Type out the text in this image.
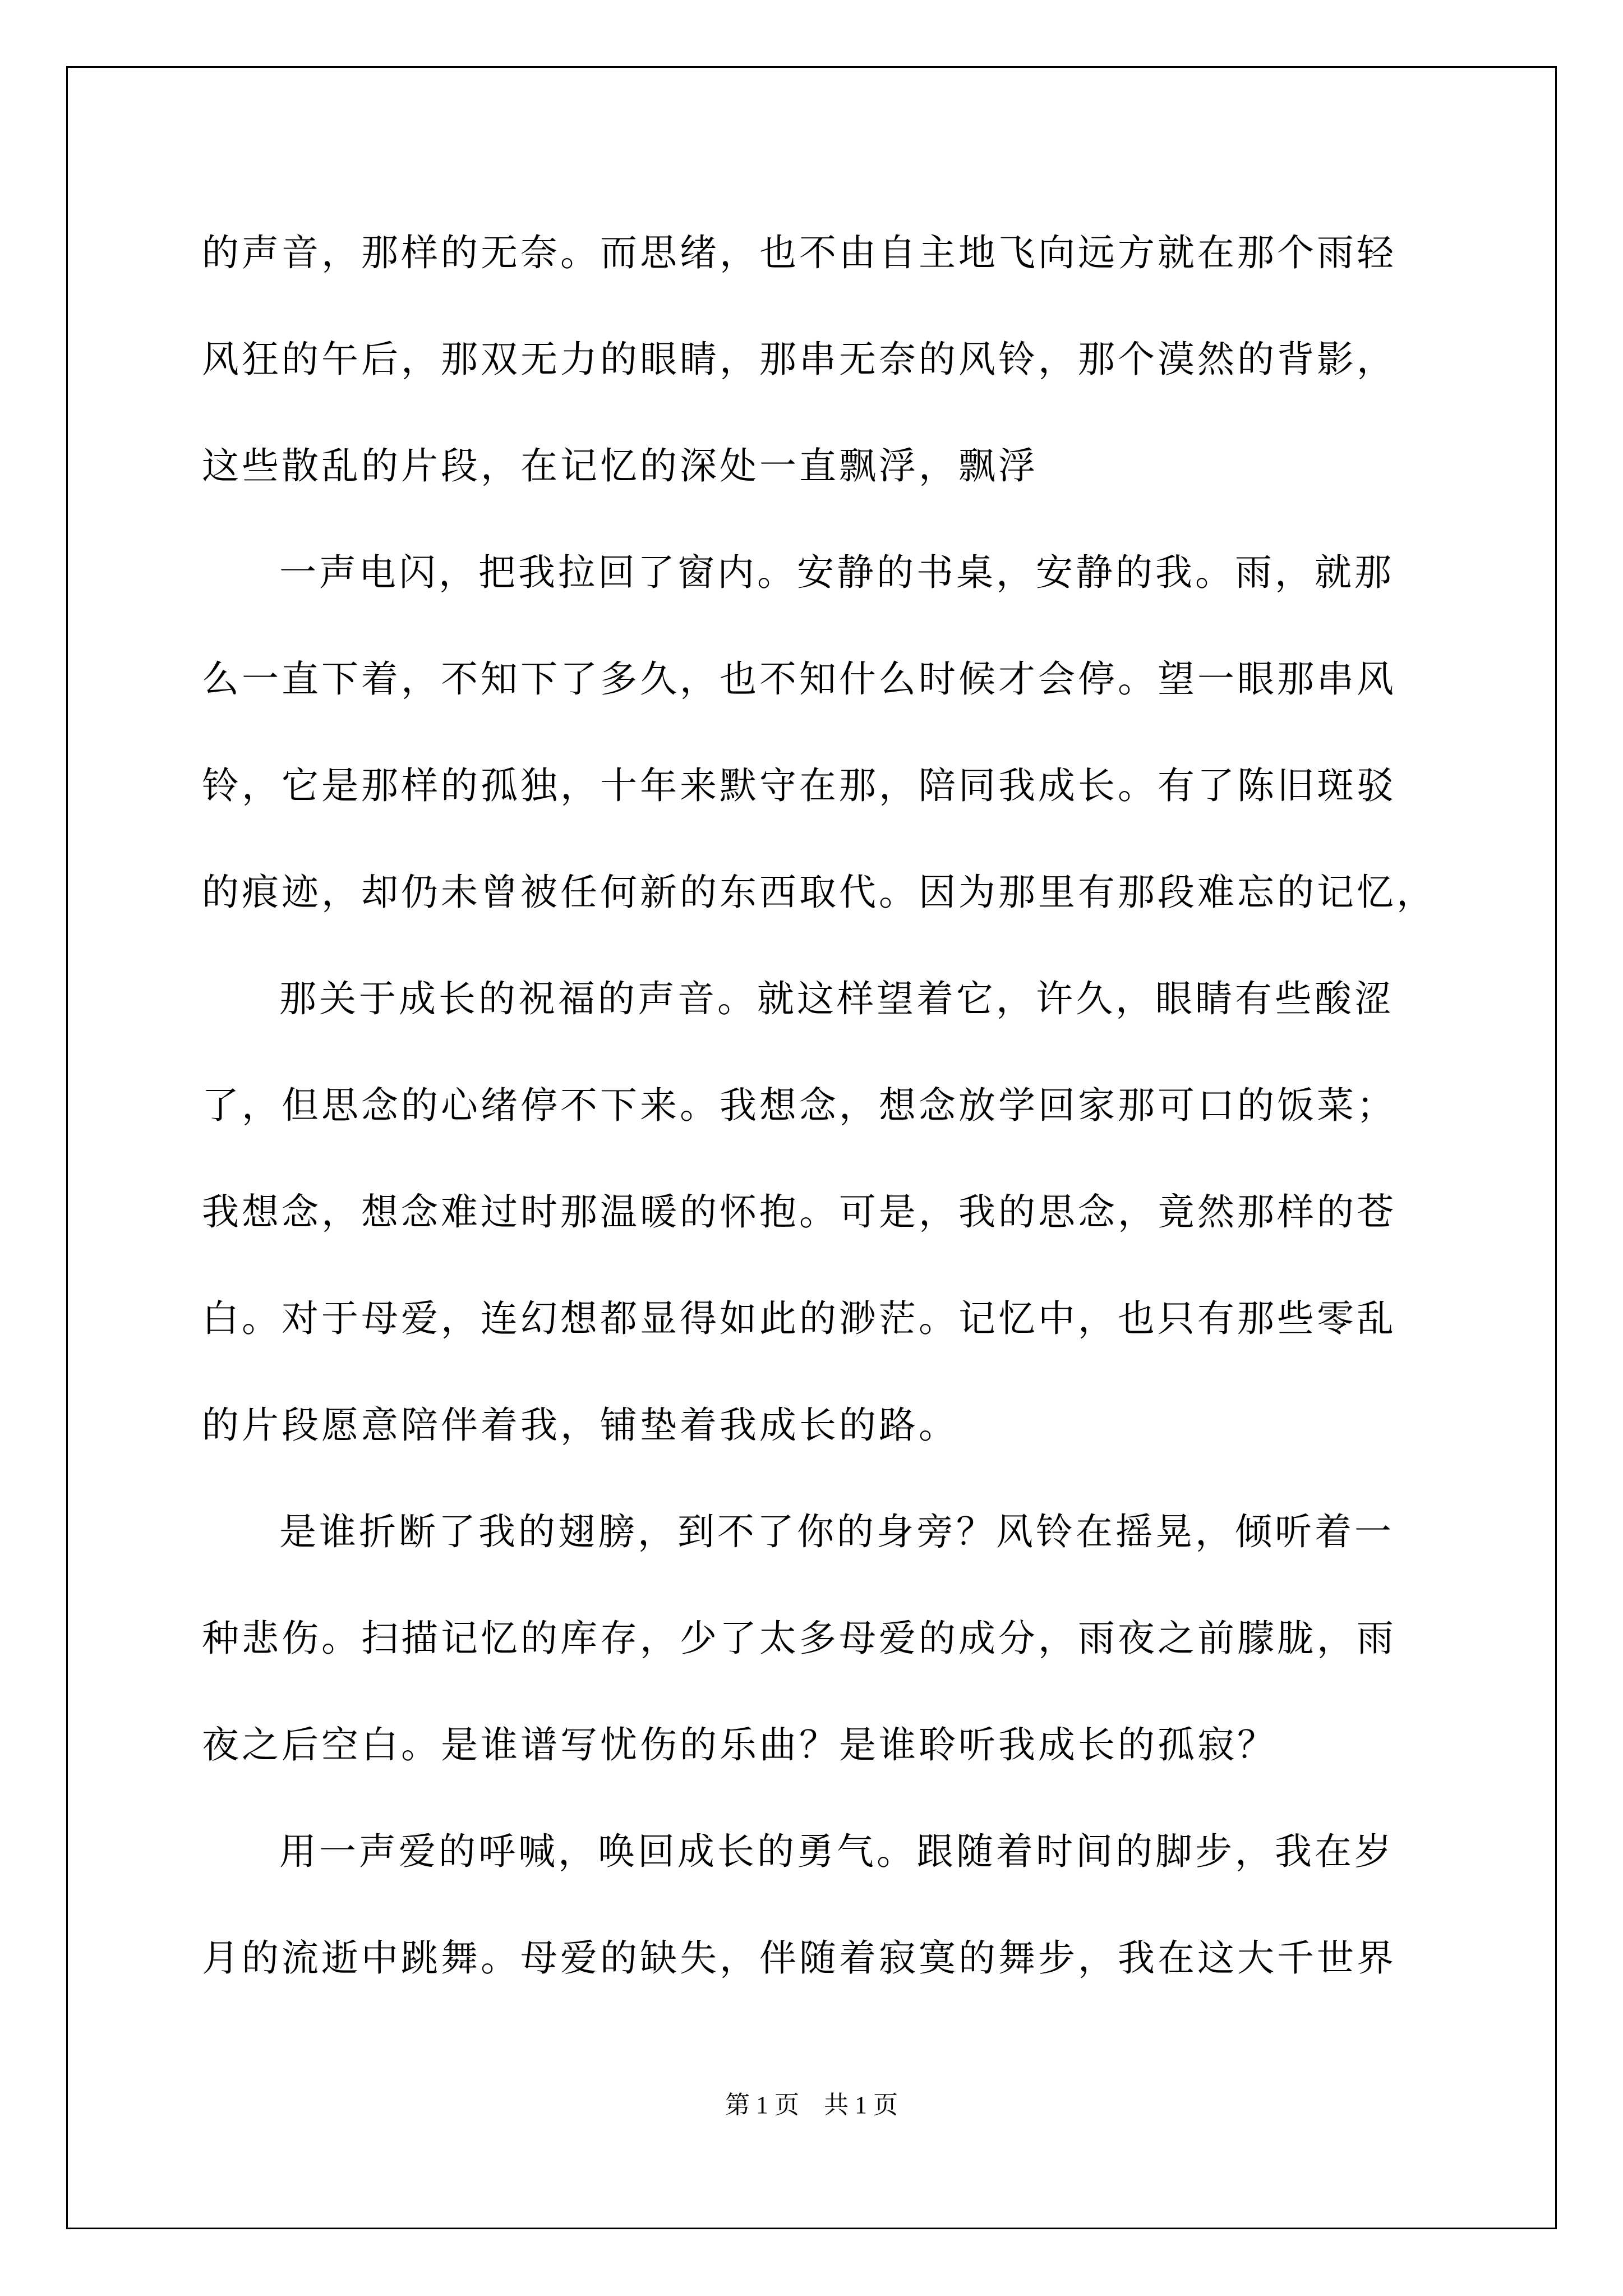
的声音，那样的无奈。而思绪，也不由自主地飞向远方就在那个雨轻
风狂的午后，那双无力的眼睛，那串无奈的风铃，那个漠然的背影，
这些散乱的片段，在记忆的深处一直飘浮，飘浮
一声电闪，把我拉回了窗内。安静的书桌，安静的我。雨，就那
么一直下着，不知下了多久，也不知什么时候才会停。望一眼那串风
铃，它是那样的孤独，十年来默守在那，陪同我成长。有了陈旧斑驳
的痕迹，却仍未曾被任何新的东西取代。因为那里有那段难忘的记忆，
那关于成长的祝福的声音。就这样望着它，许久，眼睛有些酸涩
了，但思念的心绪停不下来。我想念，想念放学回家那可口的饭菜；
我想念，想念难过时那温暖的怀抱。可是，我的思念，竟然那样的苍
白。对于母爱，连幻想都显得如此的渺茫。记忆中，也只有那些零乱
的片段愿意陪伴着我，铺垫着我成长的路。
是谁折断了我的翅膀，到不了你的身旁？风铃在摇晃，倾听着一
种悲伤。扫描记忆的库存，少了太多母爱的成分，雨夜之前朦胧，雨
夜之后空白。是谁谱写忧伤的乐曲？是谁聆听我成长的孤寂？
用一声爱的呼喊，唤回成长的勇气。跟随着时间的脚步，我在岁
月的流逝中跳舞。母爱的缺失，伴随着寂寞的舞步，我在这大千世界
第 1 页　共 1 页
